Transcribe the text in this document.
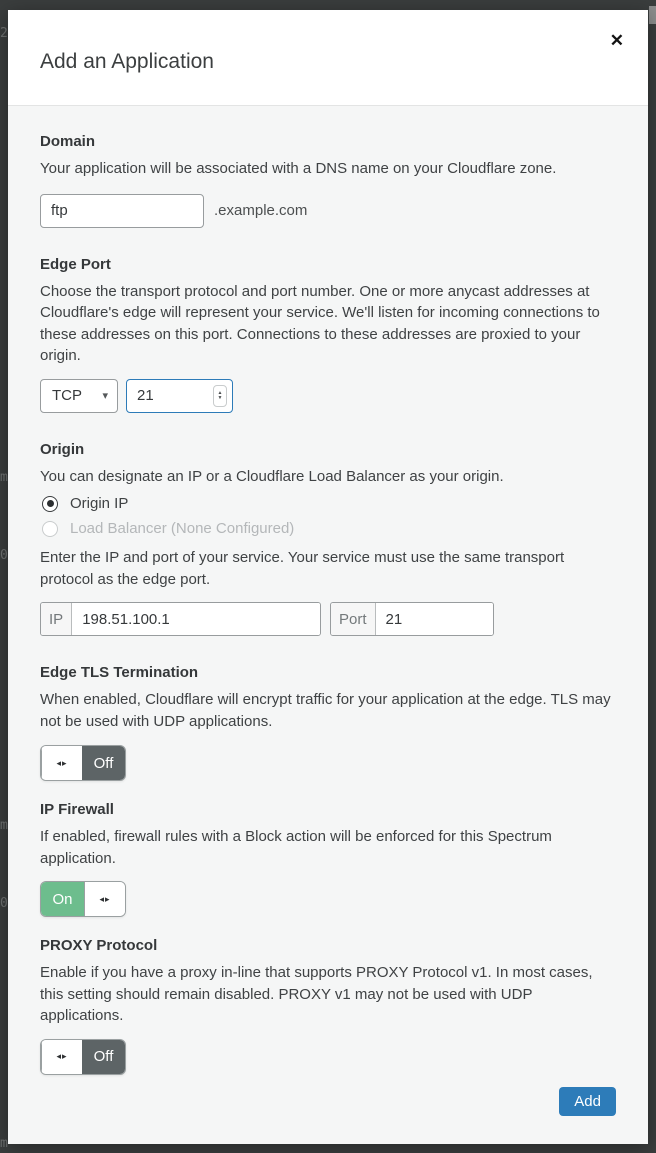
2
m
0
m
0
m
Add an Application
✕
Domain

Your application will be associated with a DNS name on your Cloudflare zone.

ftp
.example.com
Edge Port

Choose the transport protocol and port number. One or more anycast addresses at Cloudflare's edge will represent your service. We'll listen for incoming connections to these addresses on this port. Connections to these addresses are proxied to your origin.

TCP ▾
21	▲
▼
Origin

You can designate an IP or a Cloudflare Load Balancer as your origin.

Origin IP
Load Balancer (None Configured)

Enter the IP and port of your service. Your service must use the same transport protocol as the edge port.

IP
198.51.100.1	Port
21
Edge TLS Termination

When enabled, Cloudflare will encrypt traffic for your application at the edge. TLS may not be used with UDP applications.

◂▸	Off
IP Firewall

If enabled, firewall rules with a Block action will be enforced for this Spectrum application.

On	◂▸
PROXY Protocol

Enable if you have a proxy in-line that supports PROXY Protocol v1. In most cases, this setting should remain disabled. PROXY v1 may not be used with UDP applications.

◂▸	Off
Add
